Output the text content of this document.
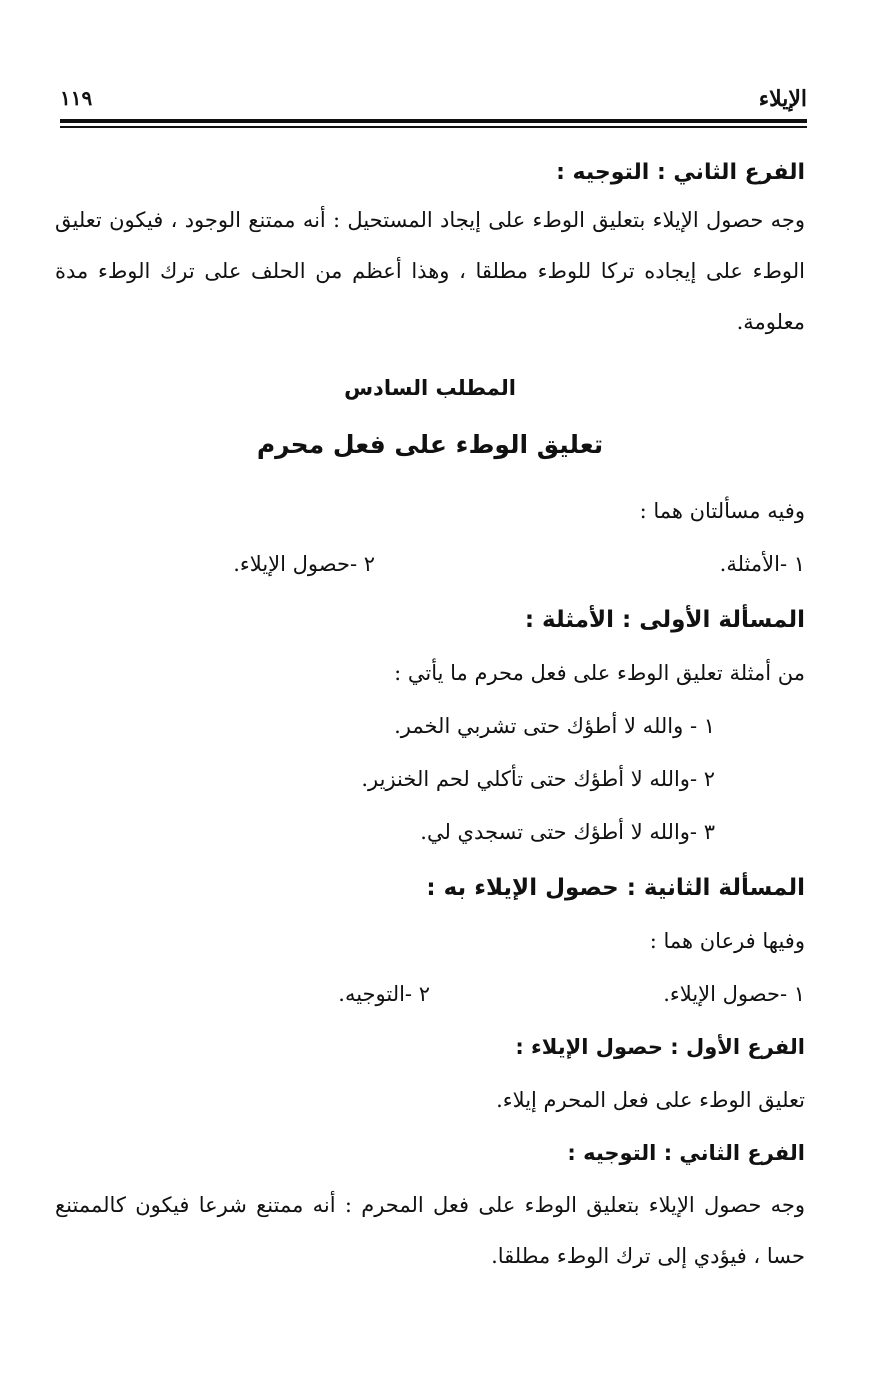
الإيلاء
١١٩
الفرع الثاني : التوجيه :

وجه حصول الإيلاء بتعليق الوطء على إيجاد المستحيل : أنه ممتنع الوجود ، فيكون تعليق الوطء على إيجاده تركا للوطء مطلقا ، وهذا أعظم من الحلف على ترك الوطء مدة معلومة.

المطلب السادس
تعليق الوطء على فعل محرم

وفيه مسألتان هما :

١ -الأمثلة.
٢ -حصول الإيلاء.
المسألة الأولى : الأمثلة :

من أمثلة تعليق الوطء على فعل محرم ما يأتي :

١ - والله لا أطؤك حتى تشربي الخمر.

٢ -والله لا أطؤك حتى تأكلي لحم الخنزير.

٣ -والله لا أطؤك حتى تسجدي لي.

المسألة الثانية : حصول الإيلاء به :

وفيها فرعان هما :

١ -حصول الإيلاء.
٢ -التوجيه.
الفرع الأول : حصول الإيلاء :

تعليق الوطء على فعل المحرم إيلاء.

الفرع الثاني : التوجيه :

وجه حصول الإيلاء بتعليق الوطء على فعل المحرم : أنه ممتنع شرعا فيكون كالممتنع حسا ، فيؤدي إلى ترك الوطء مطلقا.
